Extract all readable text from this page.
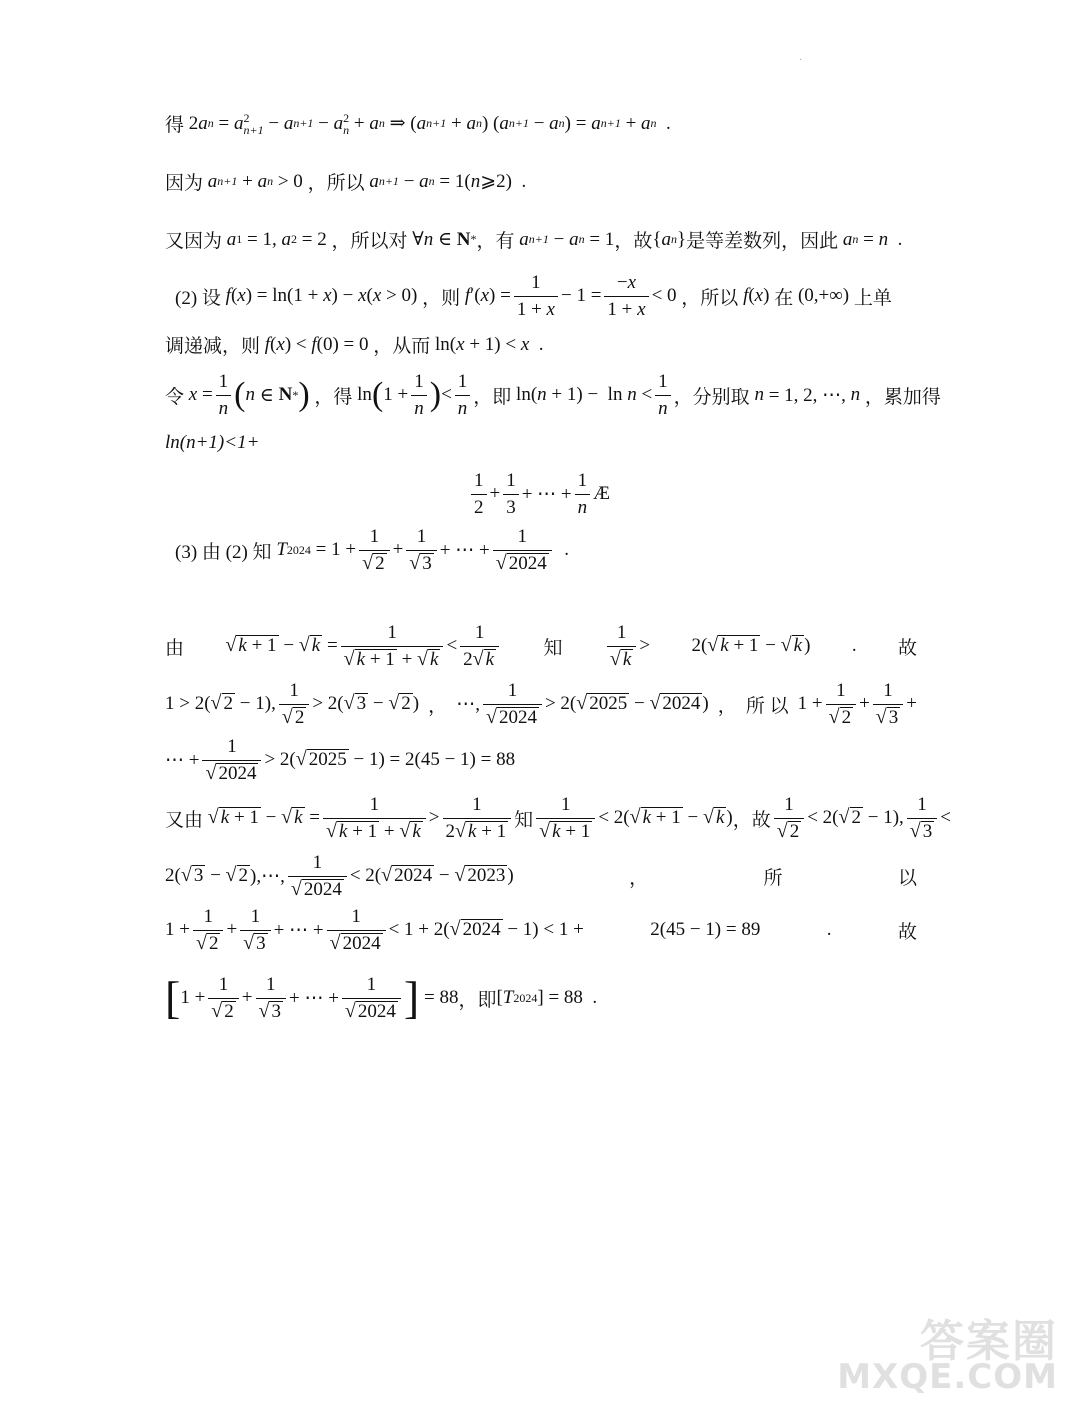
.
得 2 a n = a 2
n+1 − a n+1 − a 2
n + a n ⇒ ( a n+1 + a n ) ( a n+1 − a n ) = a n+1 + a n
.
因为
a n+1 + a n > 0 ，所以
a n+1 − a n = 1( n ⩾2) .
又因为
a 1 = 1, a 2 = 2 ，所以对 ∀ n ∈ N * ，有
a n+1 − a n = 1 ，故 { a n } 是等差数列，因此
a n = n
.
(2) 设
f ( x ) = ln(1 + x ) − x ( x > 0) ，则
f ′( x ) = $\frac{1}{1 + x} - 1 = \frac{-x}{1 + x} < 0$ ，所以
f ( x ) 在 (0,+∞) 上单
调递减，则
f ( x ) < f (0) = 0 ，从而 ln( x + 1) < x
.
令
$x = \frac{1}{n}$ ( n ∈ N * )
，得 ln ( $1 + \frac{1}{n}$ ) < $\frac{1}{n}$ ，即 ln( $n + 1) - \ln n < \frac{1}{n}$ ，分别取
n = 1, 2, ⋯, n
，累加得
ln(n+1)<1+
$\frac{1}{2} + \frac{1}{3}$ + ⋯ + $\frac{1}{n}$ Æ
(3) 由 (2) 知
T $2024 = 1 + \frac{1}{√ 2} + \frac{1}{√ 3}$ + ⋯ + $\frac{1}{√ 2024}$
.
由 √ k + 1 − √ $k = \frac{1}{√ k + 1 + √ k} < \frac{1}{2 √ k}$ 知 $\frac{1}{√ k} > 2$( √ k + 1 − √ k ) . 故
1 > 2( √ 2 − 1), $\frac{1}{√ 2} > 2$( √ 3 − √ 2 ) ， ⋯, $\frac{1}{√ 2024} > 2$( √ 2025 − √ 2024 ) ， 所 以 $1 + \frac{1}{√ 2} + \frac{1}{√ 3}$ +
⋯ + $\frac{1}{√ 2024} > 2$( √ 2025 − 1) = 2(45 − 1) = 88
又由
√ k + 1 − √ $k = \frac{1}{√ k + 1 + √ k} > \frac{1}{2 √ k + 1}$ 知 $\frac{1}{√ k + 1} < 2$( √ k + 1 − √ k ) ，故 $\frac{1}{√ 2} < 2$( √ 2 − 1), $\frac{1}{√ 3}$ <
2( √ 3 − √ 2 ),⋯, $\frac{1}{√ 2024} < 2$( √ 2024 − √ 2023 )	，	所	以
$1 + \frac{1}{√ 2} + \frac{1}{√ 3}$ + ⋯ + $\frac{1}{√ 2024} < 1 + 2$( √ 2024 − 1) < 1 +	2(45 − 1) = 89	.	故
[ $1 + \frac{1}{√ 2} + \frac{1}{√ 3}$ + ⋯ + $\frac{1}{√ 2024}$ ] = 88 ，即 [ T 2024 ] = 88 .
答案圈
MXQE.COM
